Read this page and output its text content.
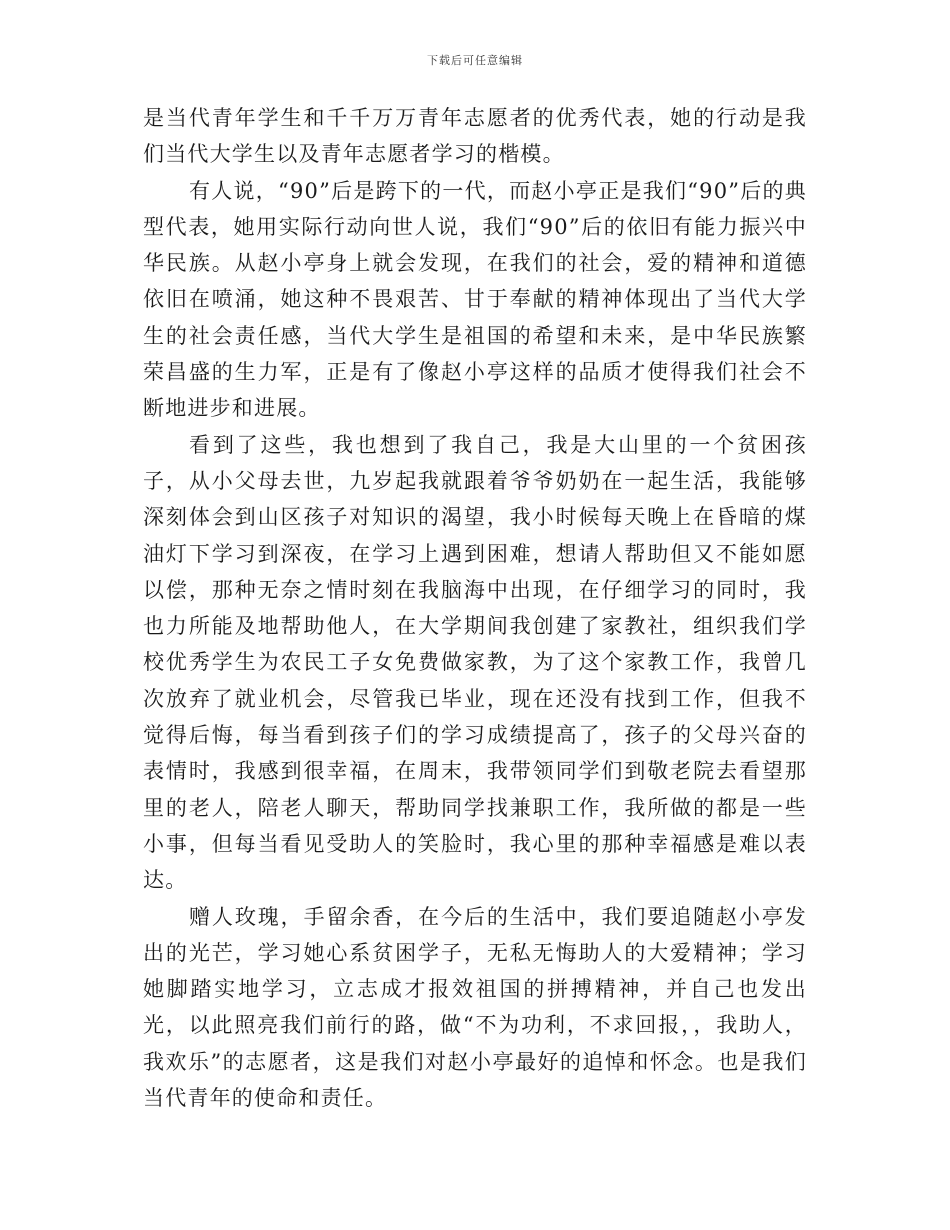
下载后可任意编辑

是当代青年学生和千千万万青年志愿者的优秀代表，她的行动是我们当代大学生以及青年志愿者学习的楷模。

有人说，“90”后是跨下的一代，而赵小亭正是我们“90”后的典型代表，她用实际行动向世人说，我们“90”后的依旧有能力振兴中华民族。从赵小亭身上就会发现，在我们的社会，爱的精神和道德依旧在喷涌，她这种不畏艰苦、甘于奉献的精神体现出了当代大学生的社会责任感，当代大学生是祖国的希望和未来，是中华民族繁荣昌盛的生力军，正是有了像赵小亭这样的品质才使得我们社会不断地进步和进展。

看到了这些，我也想到了我自己，我是大山里的一个贫困孩子，从小父母去世，九岁起我就跟着爷爷奶奶在一起生活，我能够深刻体会到山区孩子对知识的渴望，我小时候每天晚上在昏暗的煤油灯下学习到深夜，在学习上遇到困难，想请人帮助但又不能如愿以偿，那种无奈之情时刻在我脑海中出现，在仔细学习的同时，我也力所能及地帮助他人，在大学期间我创建了家教社，组织我们学校优秀学生为农民工子女免费做家教，为了这个家教工作，我曾几次放弃了就业机会，尽管我已毕业，现在还没有找到工作，但我不觉得后悔，每当看到孩子们的学习成绩提高了，孩子的父母兴奋的表情时，我感到很幸福，在周末，我带领同学们到敬老院去看望那里的老人，陪老人聊天，帮助同学找兼职工作，我所做的都是一些小事，但每当看见受助人的笑脸时，我心里的那种幸福感是难以表达。

赠人玫瑰，手留余香，在今后的生活中，我们要追随赵小亭发出的光芒，学习她心系贫困学子，无私无悔助人的大爱精神；学习她脚踏实地学习，立志成才报效祖国的拼搏精神，并自己也发出光，以此照亮我们前行的路，做“不为功利，不求回报，，我助人，我欢乐”的志愿者，这是我们对赵小亭最好的追悼和怀念。也是我们当代青年的使命和责任。
